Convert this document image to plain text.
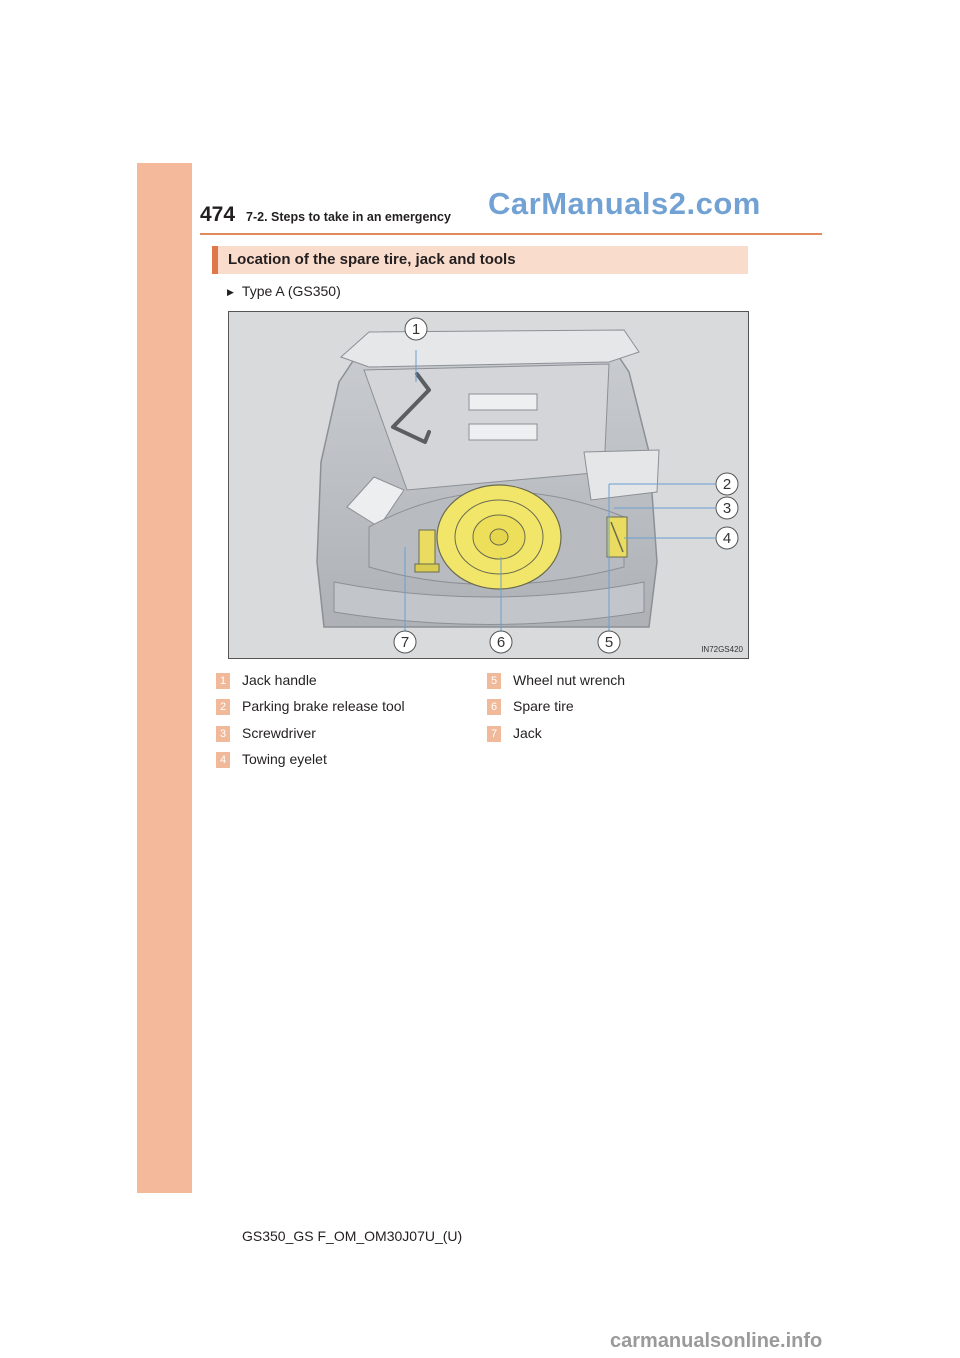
474 7-2. Steps to take in an emergency CarManuals2.com
Location of the spare tire, jack and tools
▶ Type A (GS350)
1
2
3
4
5
6
7	IN72GS420
1 Jack handle
2 Parking brake release tool
3 Screwdriver
4 Towing eyelet
5 Wheel nut wrench
6 Spare tire
7 Jack
GS350_GS F_OM_OM30J07U_(U)
carmanualsonline.info
